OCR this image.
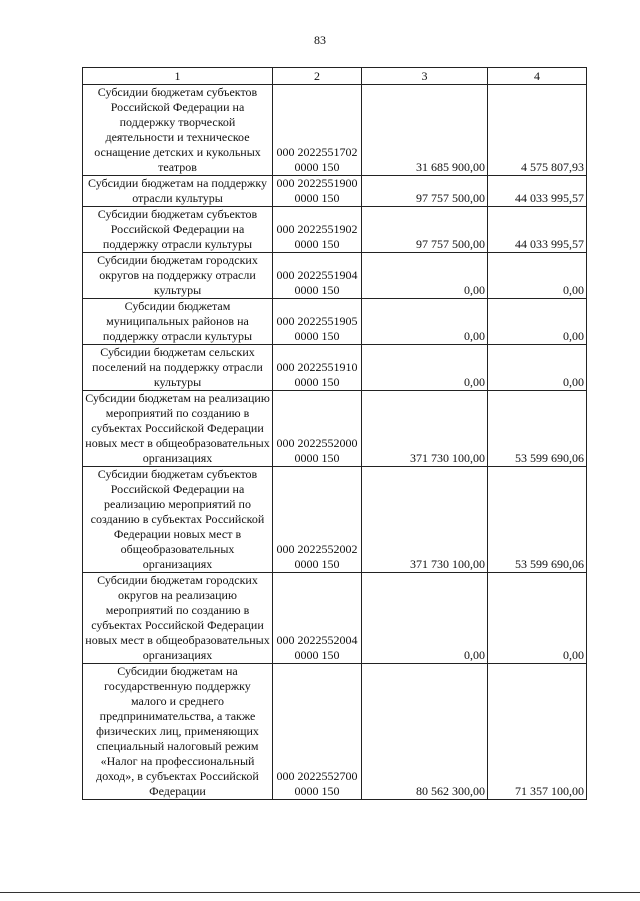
83
1	2	3	4
Субсидии бюджетам субъектов Российской Федерации на поддержку творческой деятельности и техническое оснащение детских и кукольных театров	000 2022551702 0000 150	31 685 900,00	4 575 807,93
Субсидии бюджетам на поддержку отрасли культуры	000 2022551900 0000 150	97 757 500,00	44 033 995,57
Субсидии бюджетам субъектов Российской Федерации на поддержку отрасли культуры	000 2022551902 0000 150	97 757 500,00	44 033 995,57
Субсидии бюджетам городских округов на поддержку отрасли культуры	000 2022551904 0000 150	0,00	0,00
Субсидии бюджетам муниципальных районов на поддержку отрасли культуры	000 2022551905 0000 150	0,00	0,00
Субсидии бюджетам сельских поселений на поддержку отрасли культуры	000 2022551910 0000 150	0,00	0,00
Субсидии бюджетам на реализацию мероприятий по созданию в субъектах Российской Федерации новых мест в общеобразовательных организациях	000 2022552000 0000 150	371 730 100,00	53 599 690,06
Субсидии бюджетам субъектов Российской Федерации на реализацию мероприятий по созданию в субъектах Российской Федерации новых мест в общеобразовательных организациях	000 2022552002 0000 150	371 730 100,00	53 599 690,06
Субсидии бюджетам городских округов на реализацию мероприятий по созданию в субъектах Российской Федерации новых мест в общеобразовательных организациях	000 2022552004 0000 150	0,00	0,00
Субсидии бюджетам на государственную поддержку малого и среднего предпринимательства, а также физических лиц, применяющих специальный налоговый режим «Налог на профессиональный доход», в субъектах Российской Федерации	000 2022552700 0000 150	80 562 300,00	71 357 100,00
